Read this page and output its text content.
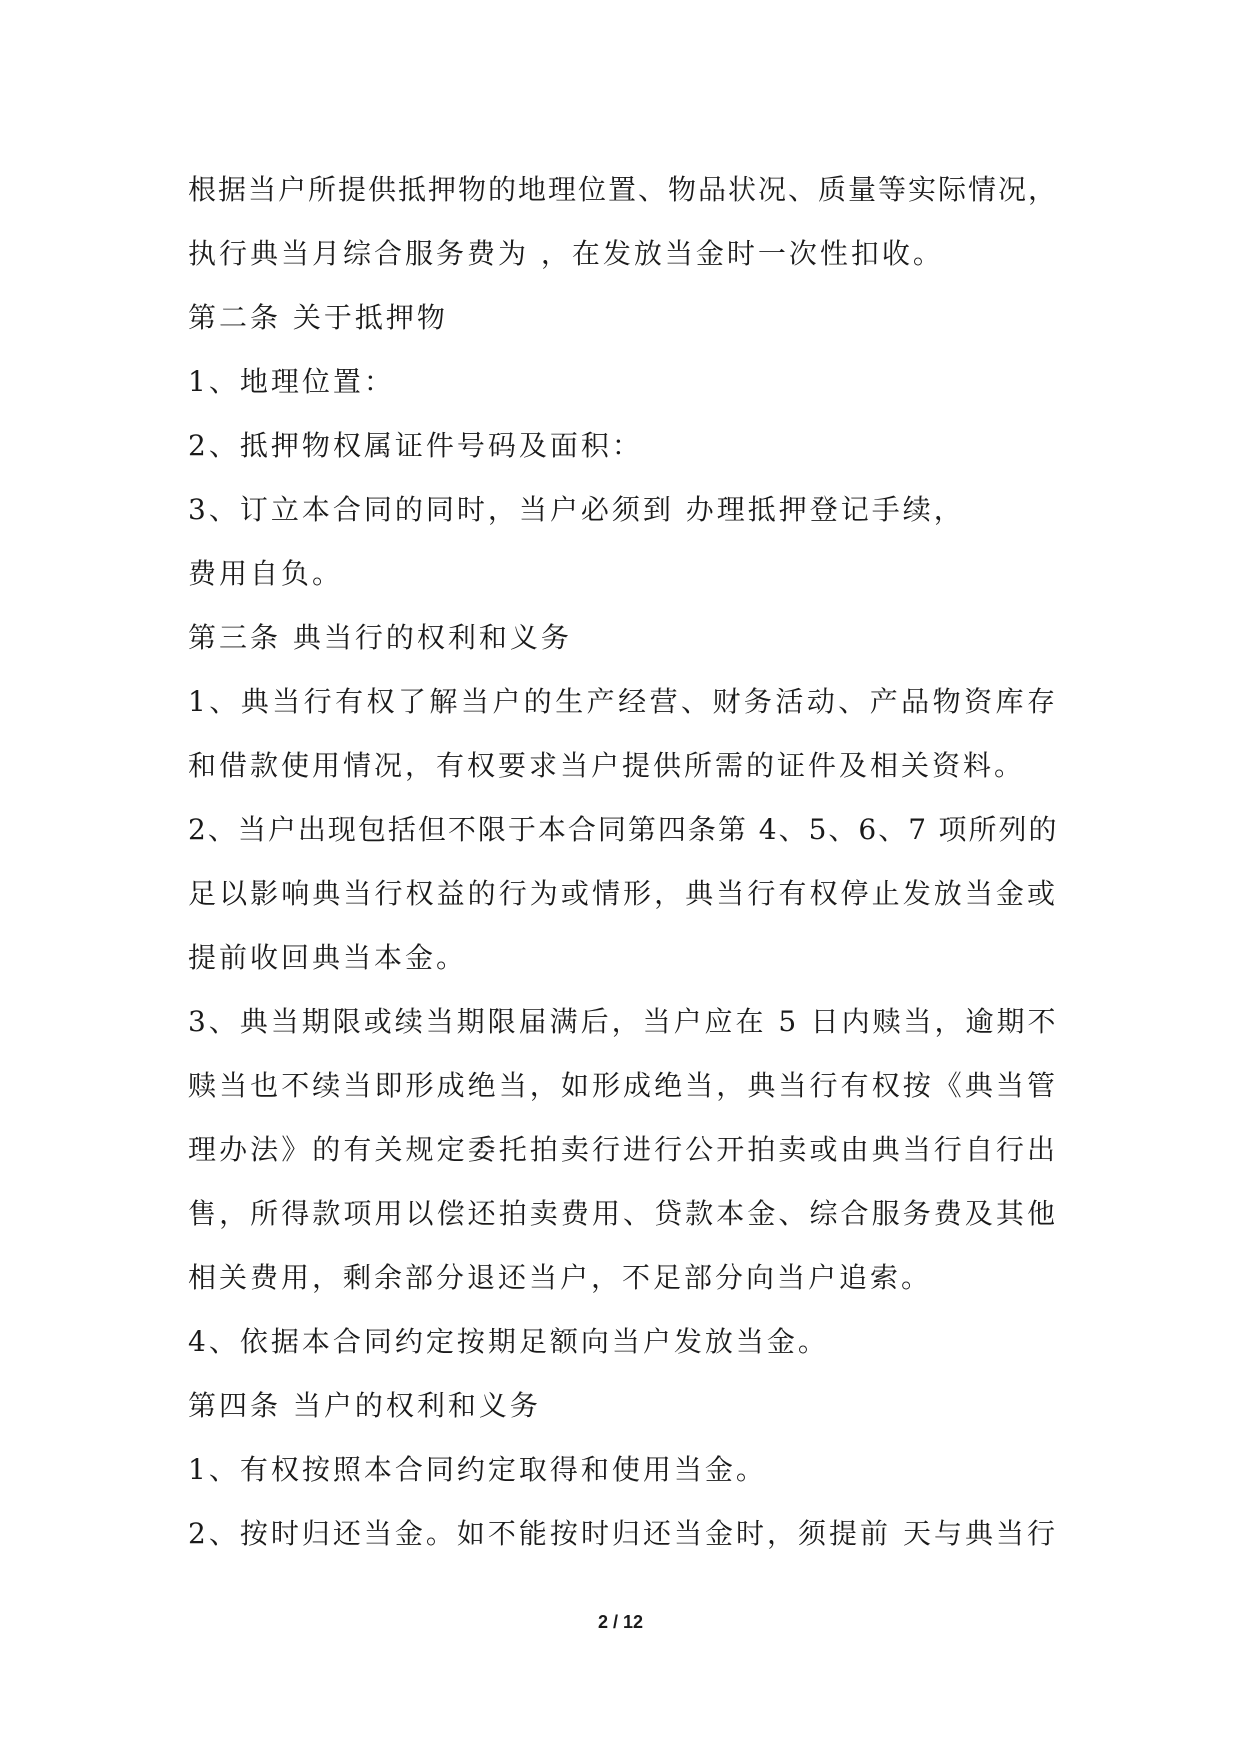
根据当户所提供抵押物的地理位置、物品状况、质量等实际情况，
执行典当月综合服务费为 ，在发放当金时一次性扣收。
第二条 关于抵押物
1、地理位置：
2、抵押物权属证件号码及面积：
3、订立本合同的同时，当户必须到 办理抵押登记手续，
费用自负。
第三条 典当行的权利和义务
1、典当行有权了解当户的生产经营、财务活动、产品物资库存
和借款使用情况，有权要求当户提供所需的证件及相关资料。
2、当户出现包括但不限于本合同第四条第 4、5、6、7 项所列的
足以影响典当行权益的行为或情形，典当行有权停止发放当金或
提前收回典当本金。
3、典当期限或续当期限届满后，当户应在 5 日内赎当，逾期不
赎当也不续当即形成绝当，如形成绝当，典当行有权按《典当管
理办法》的有关规定委托拍卖行进行公开拍卖或由典当行自行出
售，所得款项用以偿还拍卖费用、贷款本金、综合服务费及其他
相关费用，剩余部分退还当户，不足部分向当户追索。
4、依据本合同约定按期足额向当户发放当金。
第四条 当户的权利和义务
1、有权按照本合同约定取得和使用当金。
2、按时归还当金。如不能按时归还当金时，须提前 天与典当行
2 / 12
